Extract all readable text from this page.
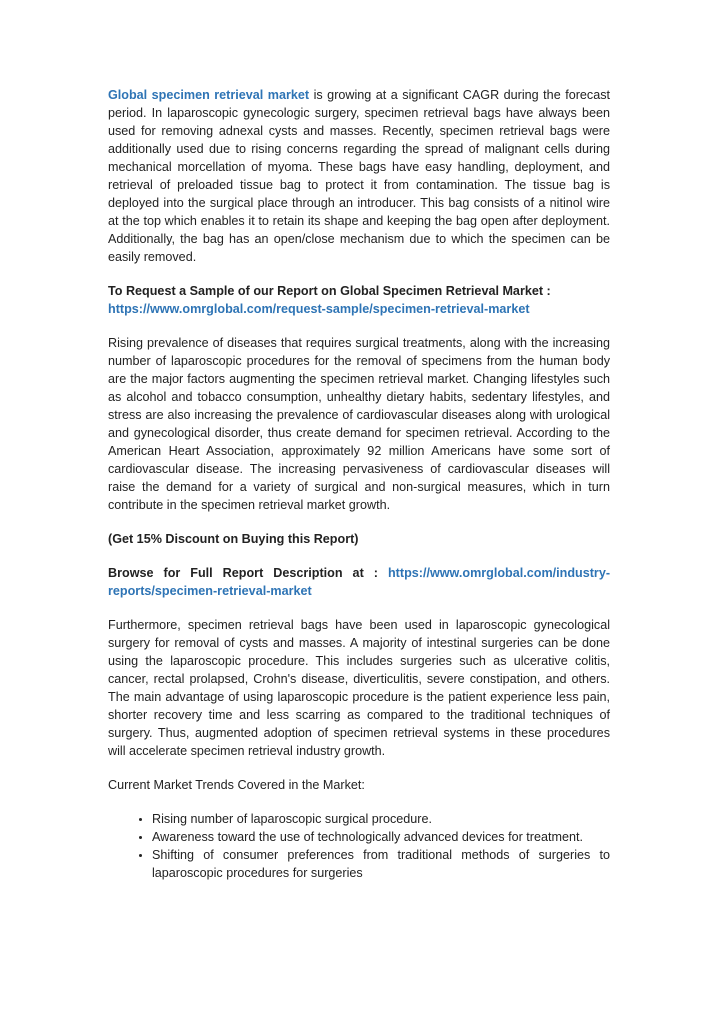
Global specimen retrieval market is growing at a significant CAGR during the forecast period. In laparoscopic gynecologic surgery, specimen retrieval bags have always been used for removing adnexal cysts and masses. Recently, specimen retrieval bags were additionally used due to rising concerns regarding the spread of malignant cells during mechanical morcellation of myoma. These bags have easy handling, deployment, and retrieval of preloaded tissue bag to protect it from contamination. The tissue bag is deployed into the surgical place through an introducer. This bag consists of a nitinol wire at the top which enables it to retain its shape and keeping the bag open after deployment. Additionally, the bag has an open/close mechanism due to which the specimen can be easily removed.

To Request a Sample of our Report on Global Specimen Retrieval Market :
https://www.omrglobal.com/request-sample/specimen-retrieval-market

Rising prevalence of diseases that requires surgical treatments, along with the increasing number of laparoscopic procedures for the removal of specimens from the human body are the major factors augmenting the specimen retrieval market. Changing lifestyles such as alcohol and tobacco consumption, unhealthy dietary habits, sedentary lifestyles, and stress are also increasing the prevalence of cardiovascular diseases along with urological and gynecological disorder, thus create demand for specimen retrieval. According to the American Heart Association, approximately 92 million Americans have some sort of cardiovascular disease. The increasing pervasiveness of cardiovascular diseases will raise the demand for a variety of surgical and non-surgical measures, which in turn contribute in the specimen retrieval market growth.

(Get 15% Discount on Buying this Report)

Browse for Full Report Description at : https://www.omrglobal.com/industry-reports/specimen-retrieval-market

Furthermore, specimen retrieval bags have been used in laparoscopic gynecological surgery for removal of cysts and masses. A majority of intestinal surgeries can be done using the laparoscopic procedure. This includes surgeries such as ulcerative colitis, cancer, rectal prolapsed, Crohn's disease, diverticulitis, severe constipation, and others. The main advantage of using laparoscopic procedure is the patient experience less pain, shorter recovery time and less scarring as compared to the traditional techniques of surgery. Thus, augmented adoption of specimen retrieval systems in these procedures will accelerate specimen retrieval industry growth.

Current Market Trends Covered in the Market:

• Rising number of laparoscopic surgical procedure.
• Awareness toward the use of technologically advanced devices for treatment.
• Shifting of consumer preferences from traditional methods of surgeries to laparoscopic procedures for surgeries
